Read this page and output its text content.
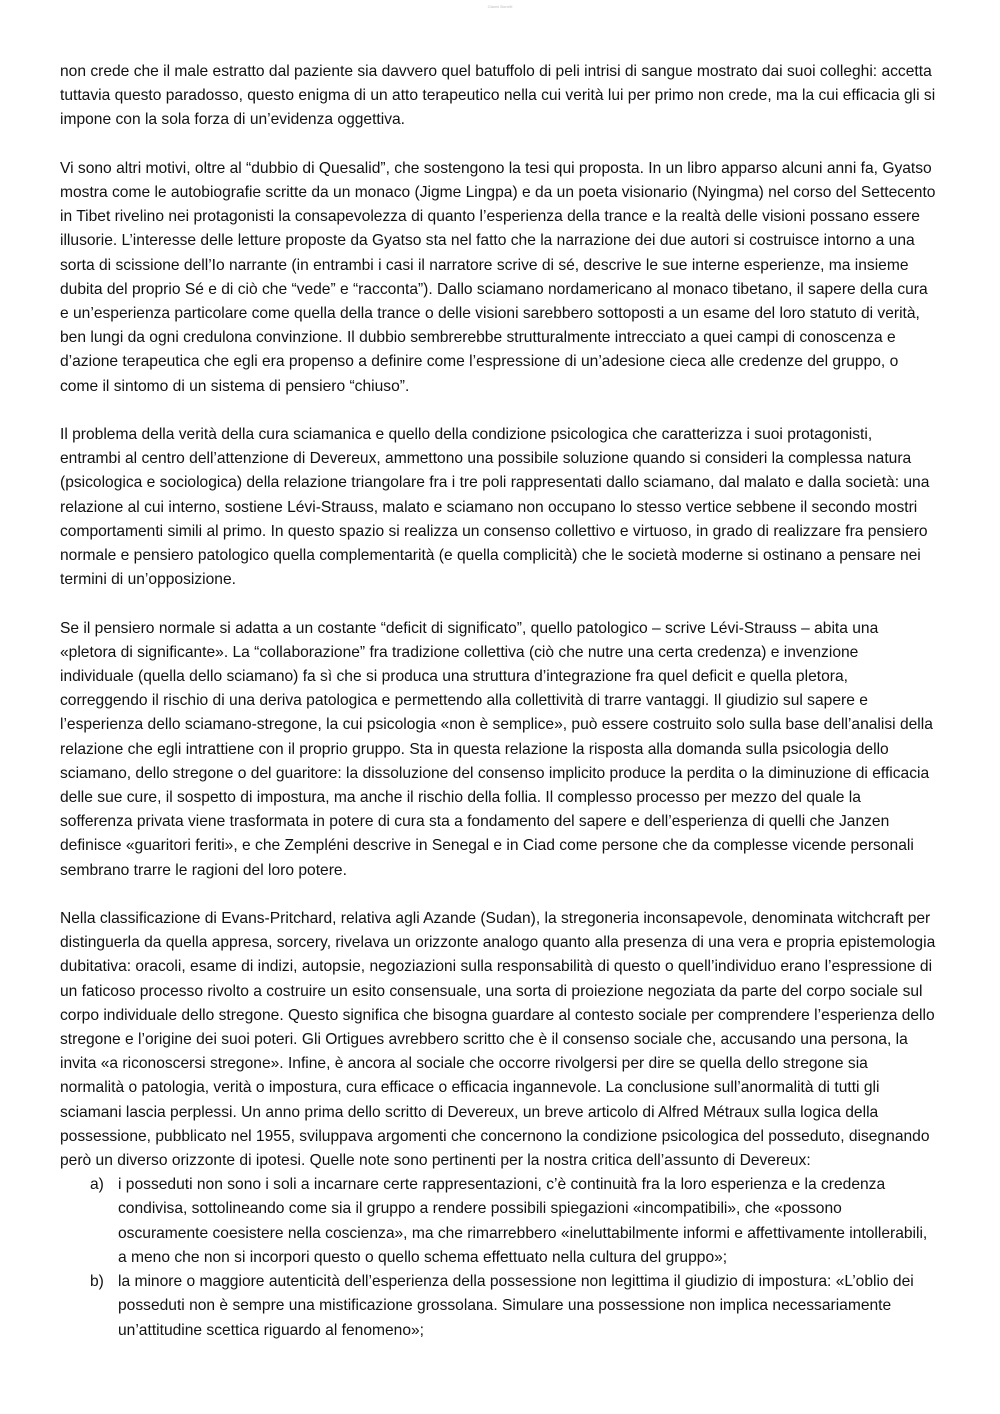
Gianni Bonelli

non crede che il male estratto dal paziente sia davvero quel batuffolo di peli intrisi di sangue mostrato dai suoi colleghi: accetta tuttavia questo paradosso, questo enigma di un atto terapeutico nella cui verità lui per primo non crede, ma la cui efficacia gli si impone con la sola forza di un’evidenza oggettiva.

Vi sono altri motivi, oltre al “dubbio di Quesalid”, che sostengono la tesi qui proposta. In un libro apparso alcuni anni fa, Gyatso mostra come le autobiografie scritte da un monaco (Jigme Lingpa) e da un poeta visionario (Nyingma) nel corso del Settecento in Tibet rivelino nei protagonisti la consapevolezza di quanto l’esperienza della trance e la realtà delle visioni possano essere illusorie. L’interesse delle letture proposte da Gyatso sta nel fatto che la narrazione dei due autori si costruisce intorno a una sorta di scissione dell’Io narrante (in entrambi i casi il narratore scrive di sé, descrive le sue interne esperienze, ma insieme dubita del proprio Sé e di ciò che “vede” e “racconta”). Dallo sciamano nordamericano al monaco tibetano, il sapere della cura e un’esperienza particolare come quella della trance o delle visioni sarebbero sottoposti a un esame del loro statuto di verità, ben lungi da ogni credulona convinzione. Il dubbio sembrerebbe strutturalmente intrecciato a quei campi di conoscenza e d’azione terapeutica che egli era propenso a definire come l’espressione di un’adesione cieca alle credenze del gruppo, o come il sintomo di un sistema di pensiero “chiuso”.

Il problema della verità della cura sciamanica e quello della condizione psicologica che caratterizza i suoi protagonisti, entrambi al centro dell’attenzione di Devereux, ammettono una possibile soluzione quando si consideri la complessa natura (psicologica e sociologica) della relazione triangolare fra i tre poli rappresentati dallo sciamano, dal malato e dalla società: una relazione al cui interno, sostiene Lévi-Strauss, malato e sciamano non occupano lo stesso vertice sebbene il secondo mostri comportamenti simili al primo. In questo spazio si realizza un consenso collettivo e virtuoso, in grado di realizzare fra pensiero normale e pensiero patologico quella complementarità (e quella complicità) che le società moderne si ostinano a pensare nei termini di un’opposizione.

Se il pensiero normale si adatta a un costante “deficit di significato”, quello patologico – scrive Lévi-Strauss – abita una «pletora di significante». La “collaborazione” fra tradizione collettiva (ciò che nutre una certa credenza) e invenzione individuale (quella dello sciamano) fa sì che si produca una struttura d’integrazione fra quel deficit e quella pletora, correggendo il rischio di una deriva patologica e permettendo alla collettività di trarre vantaggi. Il giudizio sul sapere e l’esperienza dello sciamano-stregone, la cui psicologia «non è semplice», può essere costruito solo sulla base dell’analisi della relazione che egli intrattiene con il proprio gruppo. Sta in questa relazione la risposta alla domanda sulla psicologia dello sciamano, dello stregone o del guaritore: la dissoluzione del consenso implicito produce la perdita o la diminuzione di efficacia delle sue cure, il sospetto di impostura, ma anche il rischio della follia. Il complesso processo per mezzo del quale la sofferenza privata viene trasformata in potere di cura sta a fondamento del sapere e dell’esperienza di quelli che Janzen definisce «guaritori feriti», e che Zempléni descrive in Senegal e in Ciad come persone che da complesse vicende personali sembrano trarre le ragioni del loro potere.

Nella classificazione di Evans-Pritchard, relativa agli Azande (Sudan), la stregoneria inconsapevole, denominata witchcraft per distinguerla da quella appresa, sorcery, rivelava un orizzonte analogo quanto alla presenza di una vera e propria epistemologia dubitativa: oracoli, esame di indizi, autopsie, negoziazioni sulla responsabilità di questo o quell’individuo erano l’espressione di un faticoso processo rivolto a costruire un esito consensuale, una sorta di proiezione negoziata da parte del corpo sociale sul corpo individuale dello stregone. Questo significa che bisogna guardare al contesto sociale per comprendere l’esperienza dello stregone e l’origine dei suoi poteri. Gli Ortigues avrebbero scritto che è il consenso sociale che, accusando una persona, la invita «a riconoscersi stregone». Infine, è ancora al sociale che occorre rivolgersi per dire se quella dello stregone sia normalità o patologia, verità o impostura, cura efficace o efficacia ingannevole. La conclusione sull’anormalità di tutti gli sciamani lascia perplessi. Un anno prima dello scritto di Devereux, un breve articolo di Alfred Métraux sulla logica della possessione, pubblicato nel 1955, sviluppava argomenti che concernono la condizione psicologica del posseduto, disegnando però un diverso orizzonte di ipotesi. Quelle note sono pertinenti per la nostra critica dell’assunto di Devereux:

a) i posseduti non sono i soli a incarnare certe rappresentazioni, c’è continuità fra la loro esperienza e la credenza condivisa, sottolineando come sia il gruppo a rendere possibili spiegazioni «incompatibili», che «possono oscuramente coesistere nella coscienza», ma che rimarrebbero «ineluttabilmente informi e affettivamente intollerabili, a meno che non si incorpori questo o quello schema effettuato nella cultura del gruppo»;
b) la minore o maggiore autenticità dell’esperienza della possessione non legittima il giudizio di impostura: «L’oblio dei posseduti non è sempre una mistificazione grossolana. Simulare una possessione non implica necessariamente un’attitudine scettica riguardo al fenomeno»;
